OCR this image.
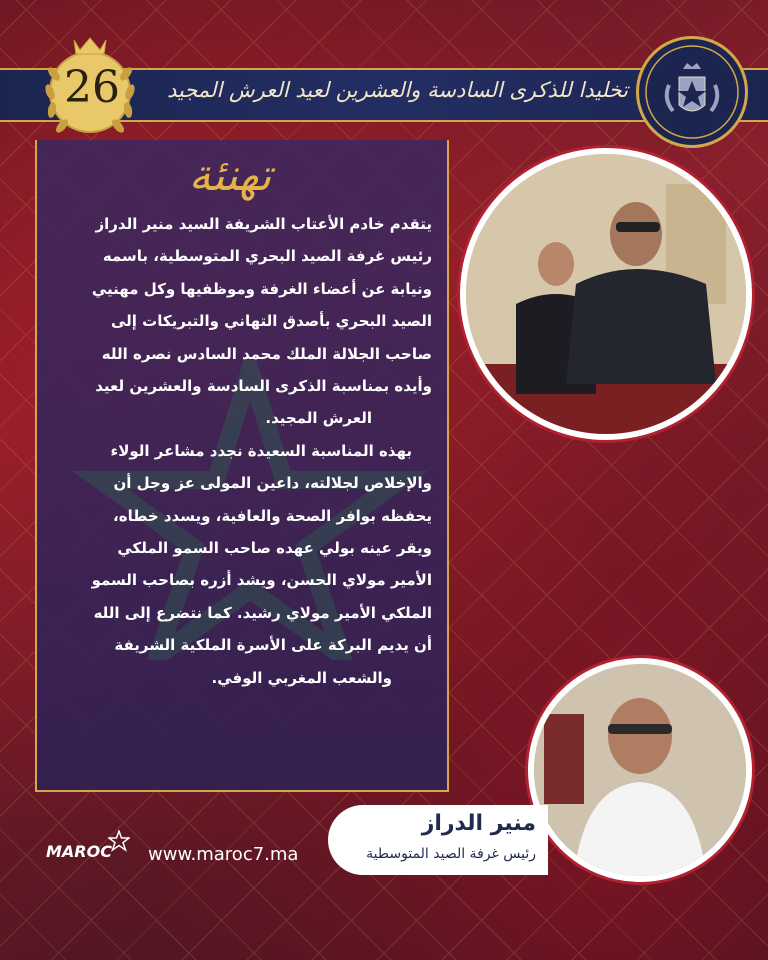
تخليدا للذكرى السادسة والعشرين لعيد العرش المجيد
26
تهنئة

يتقدم خادم الأعتاب الشريفة السيد منير الدراز

رئيس غرفة الصيد البحري المتوسطية، باسمه

ونيابة عن أعضاء الغرفة وموظفيها وكل مهنيي

الصيد البحري بأصدق التهاني والتبريكات إلى

صاحب الجلالة الملك محمد السادس نصره الله

وأيده بمناسبة الذكرى السادسة والعشرين لعيد

العرش المجيد.

بهذه المناسبة السعيدة نجدد مشاعر الولاء

والإخلاص لجلالته، داعين المولى عز وجل أن

يحفظه بوافر الصحة والعافية، ويسدد خطاه،

ويقر عينه بولي عهده صاحب السمو الملكي

الأمير مولاي الحسن، ويشد أزره بصاحب السمو

الملكي الأمير مولاي رشيد. كما نتضرع إلى الله

أن يديم البركة على الأسرة الملكية الشريفة

والشعب المغربي الوفي.

منير الدراز
رئيس غرفة الصيد المتوسطية
MAROC www.maroc7.ma
